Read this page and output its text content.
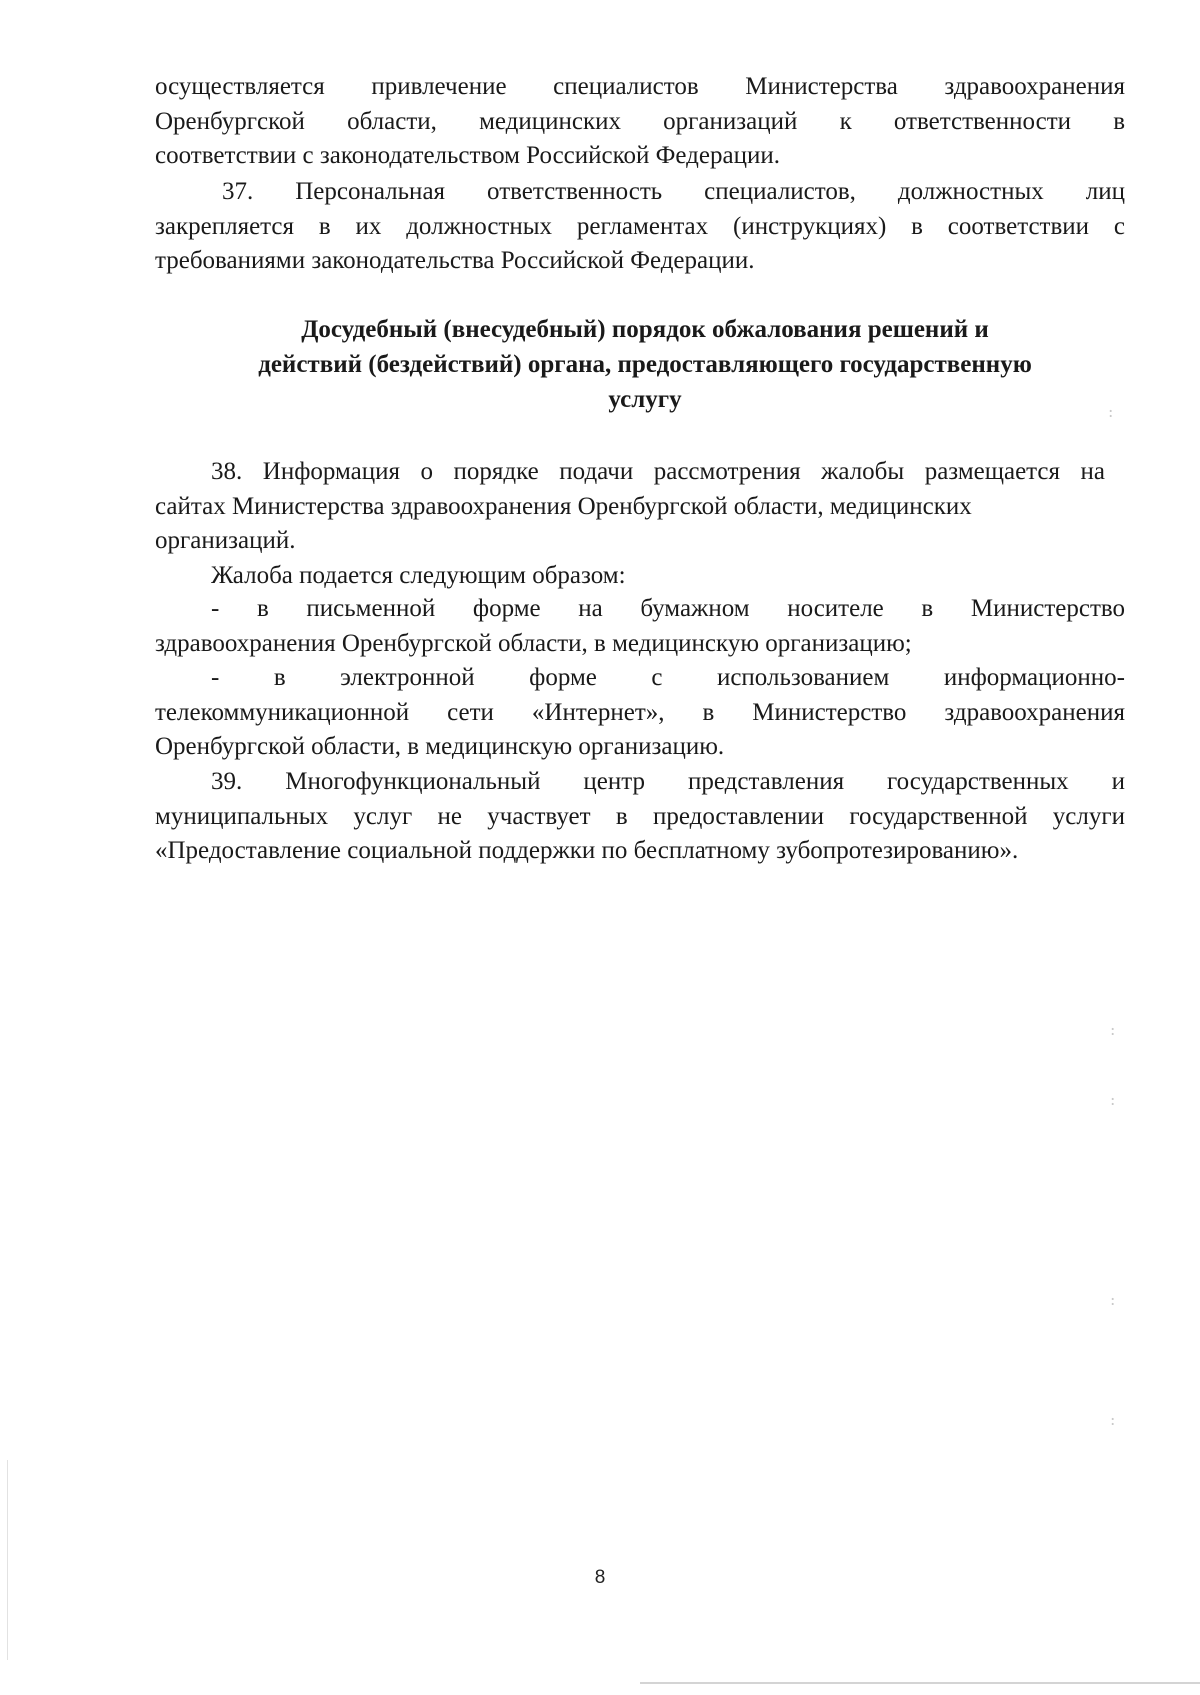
осуществляется привлечение специалистов Министерства здравоохранения
Оренбургской области, медицинских организаций к ответственности в
соответствии с законодательством Российской Федерации.
37. Персональная ответственность специалистов, должностных лиц
закрепляется в их должностных регламентах (инструкциях) в соответствии с
требованиями законодательства Российской Федерации.
Досудебный (внесудебный) порядок обжалования решений и
действий (бездействий) органа, предоставляющего государственную
услугу
38. Информация о порядке подачи рассмотрения жалобы размещается на
сайтах Министерства здравоохранения Оренбургской области, медицинских
организаций.
Жалоба подается следующим образом:
- в письменной форме на бумажном носителе в Министерство
здравоохранения Оренбургской области, в медицинскую организацию;
- в электронной форме с использованием информационно-
телекоммуникационной сети «Интернет», в Министерство здравоохранения
Оренбургской области, в медицинскую организацию.
39. Многофункциональный центр представления государственных и
муниципальных услуг не участвует в предоставлении государственной услуги
«Предоставление социальной поддержки по бесплатному зубопротезированию».
8
:
:
:
:
:
